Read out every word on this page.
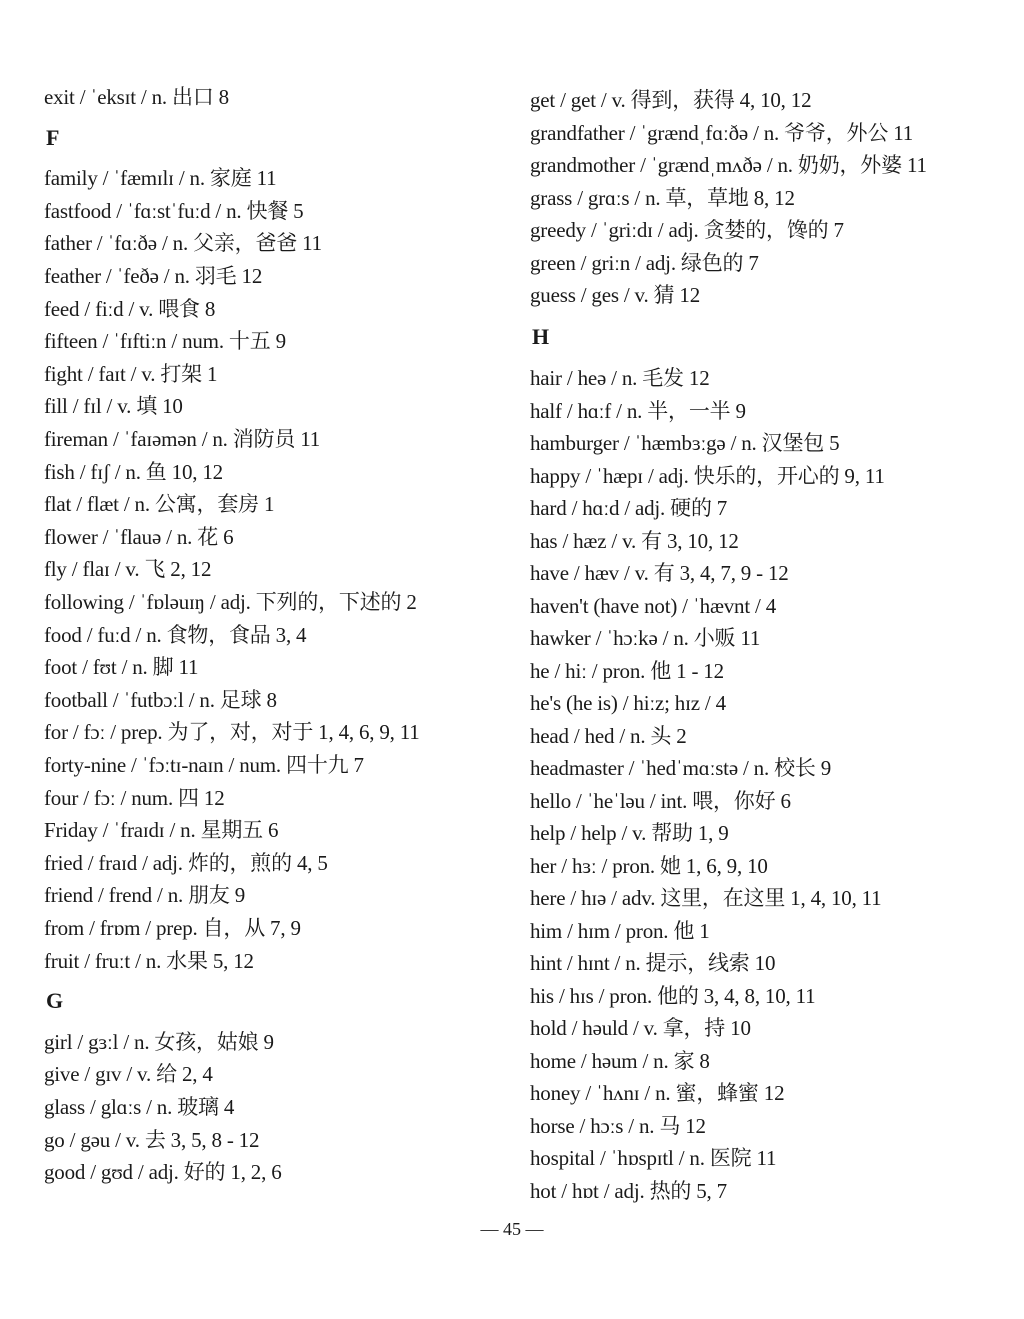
exit / ˈeksɪt / n. 出口 8
F
family / ˈfæmɪlɪ / n. 家庭 11
fastfood / ˈfɑːstˈfuːd / n. 快餐 5
father / ˈfɑːðə / n. 父亲，爸爸 11
feather / ˈfeðə / n. 羽毛 12
feed / fiːd / v. 喂食 8
fifteen / ˈfɪftiːn / num. 十五 9
fight / faɪt / v. 打架 1
fill / fɪl / v. 填 10
fireman / ˈfaɪəmən / n. 消防员 11
fish / fɪʃ / n. 鱼 10, 12
flat / flæt / n. 公寓，套房 1
flower / ˈflauə / n. 花 6
fly / flaɪ / v. 飞 2, 12
following / ˈfɒləuɪŋ / adj. 下列的，下述的 2
food / fuːd / n. 食物，食品 3, 4
foot / fʊt / n. 脚 11
football / ˈfutbɔːl / n. 足球 8
for / fɔː / prep. 为了，对，对于 1, 4, 6, 9, 11
forty-nine / ˈfɔːtɪ-naɪn / num. 四十九 7
four / fɔː / num. 四 12
Friday / ˈfraɪdɪ / n. 星期五 6
fried / fraɪd / adj. 炸的，煎的 4, 5
friend / frend / n. 朋友 9
from / frɒm / prep. 自，从 7, 9
fruit / fruːt / n. 水果 5, 12
G
girl / gɜːl / n. 女孩，姑娘 9
give / gɪv / v. 给 2, 4
glass / glɑːs / n. 玻璃 4
go / gəu / v. 去 3, 5, 8 - 12
good / gʊd / adj. 好的 1, 2, 6
get / get / v. 得到，获得 4, 10, 12
grandfather / ˈgrændˌfɑːðə / n. 爷爷，外公 11
grandmother / ˈgrændˌmʌðə / n. 奶奶，外婆 11
grass / grɑːs / n. 草，草地 8, 12
greedy / ˈgriːdɪ / adj. 贪婪的，馋的 7
green / griːn / adj. 绿色的 7
guess / ges / v. 猜 12
H
hair / heə / n. 毛发 12
half / hɑːf / n. 半，一半 9
hamburger / ˈhæmbɜːgə / n. 汉堡包 5
happy / ˈhæpɪ / adj. 快乐的，开心的 9, 11
hard / hɑːd / adj. 硬的 7
has / hæz / v. 有 3, 10, 12
have / hæv / v. 有 3, 4, 7, 9 - 12
haven't (have not) / ˈhævnt / 4
hawker / ˈhɔːkə / n. 小贩 11
he / hiː / pron. 他 1 - 12
he's (he is) / hiːz; hɪz / 4
head / hed / n. 头 2
headmaster / ˈhedˈmɑːstə / n. 校长 9
hello / ˈheˈləu / int. 喂，你好 6
help / help / v. 帮助 1, 9
her / hɜː / pron. 她 1, 6, 9, 10
here / hɪə / adv. 这里，在这里 1, 4, 10, 11
him / hɪm / pron. 他 1
hint / hɪnt / n. 提示，线索 10
his / hɪs / pron. 他的 3, 4, 8, 10, 11
hold / həuld / v. 拿，持 10
home / həum / n. 家 8
honey / ˈhʌnɪ / n. 蜜，蜂蜜 12
horse / hɔːs / n. 马 12
hospital / ˈhɒspɪtl / n. 医院 11
hot / hɒt / adj. 热的 5, 7
— 45 —
